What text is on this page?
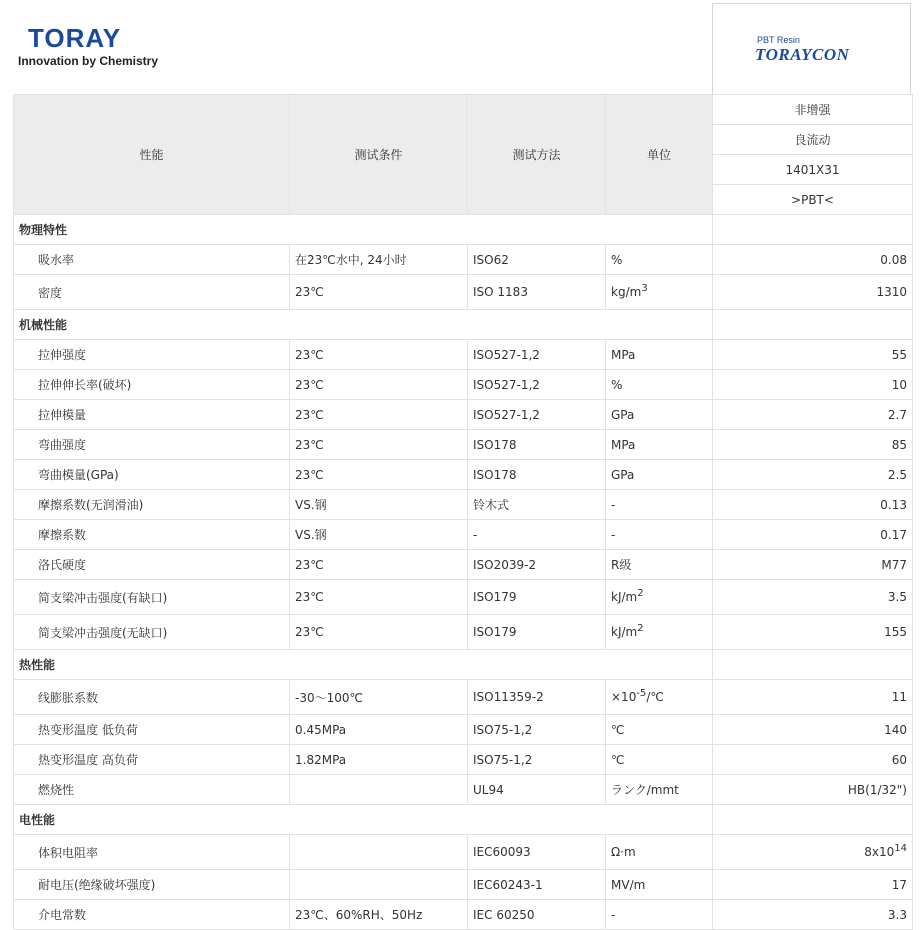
TORAY
Innovation by Chemistry
PBT Resin
TORAYCON
性能	测试条件	测试方法	单位	非增强
				良流动
				1401X31
				>PBT<
物理特性				
吸水率	在23℃水中, 24小时	ISO62	%	0.08
密度	23℃	ISO 1183	$kg/m^3$	1310
机械性能				
拉伸强度	23℃	ISO527-1,2	MPa	55
拉伸伸长率(破坏)	23℃	ISO527-1,2	%	10
拉伸模量	23℃	ISO527-1,2	GPa	2.7
弯曲强度	23℃	ISO178	MPa	85
弯曲模量(GPa)	23℃	ISO178	GPa	2.5
摩擦系数(无润滑油)	VS.钢	铃木式	-	0.13
摩擦系数	VS.钢	-	-	0.17
洛氏硬度	23℃	ISO2039-2	R级	M77
简支梁冲击强度(有缺口)	23℃	ISO179	$kJ/m^2$	3.5
简支梁冲击强度(无缺口)	23℃	ISO179	$kJ/m^2$	155
热性能				
线膨胀系数	-30～100℃	ISO11359-2	$\times 10^{-5}/℃$	11
热变形温度 低负荷	0.45MPa	ISO75-1,2	℃	140
热变形温度 高负荷	1.82MPa	ISO75-1,2	℃	60
燃烧性		UL94	ランク/mmt	HB(1/32")
电性能				
体积电阻率		IEC60093	Ω·m	$8x10^{14}$
耐电压(绝缘破坏强度)		IEC60243-1	MV/m	17
介电常数	23℃、60%RH、50Hz	IEC 60250	-	3.3
